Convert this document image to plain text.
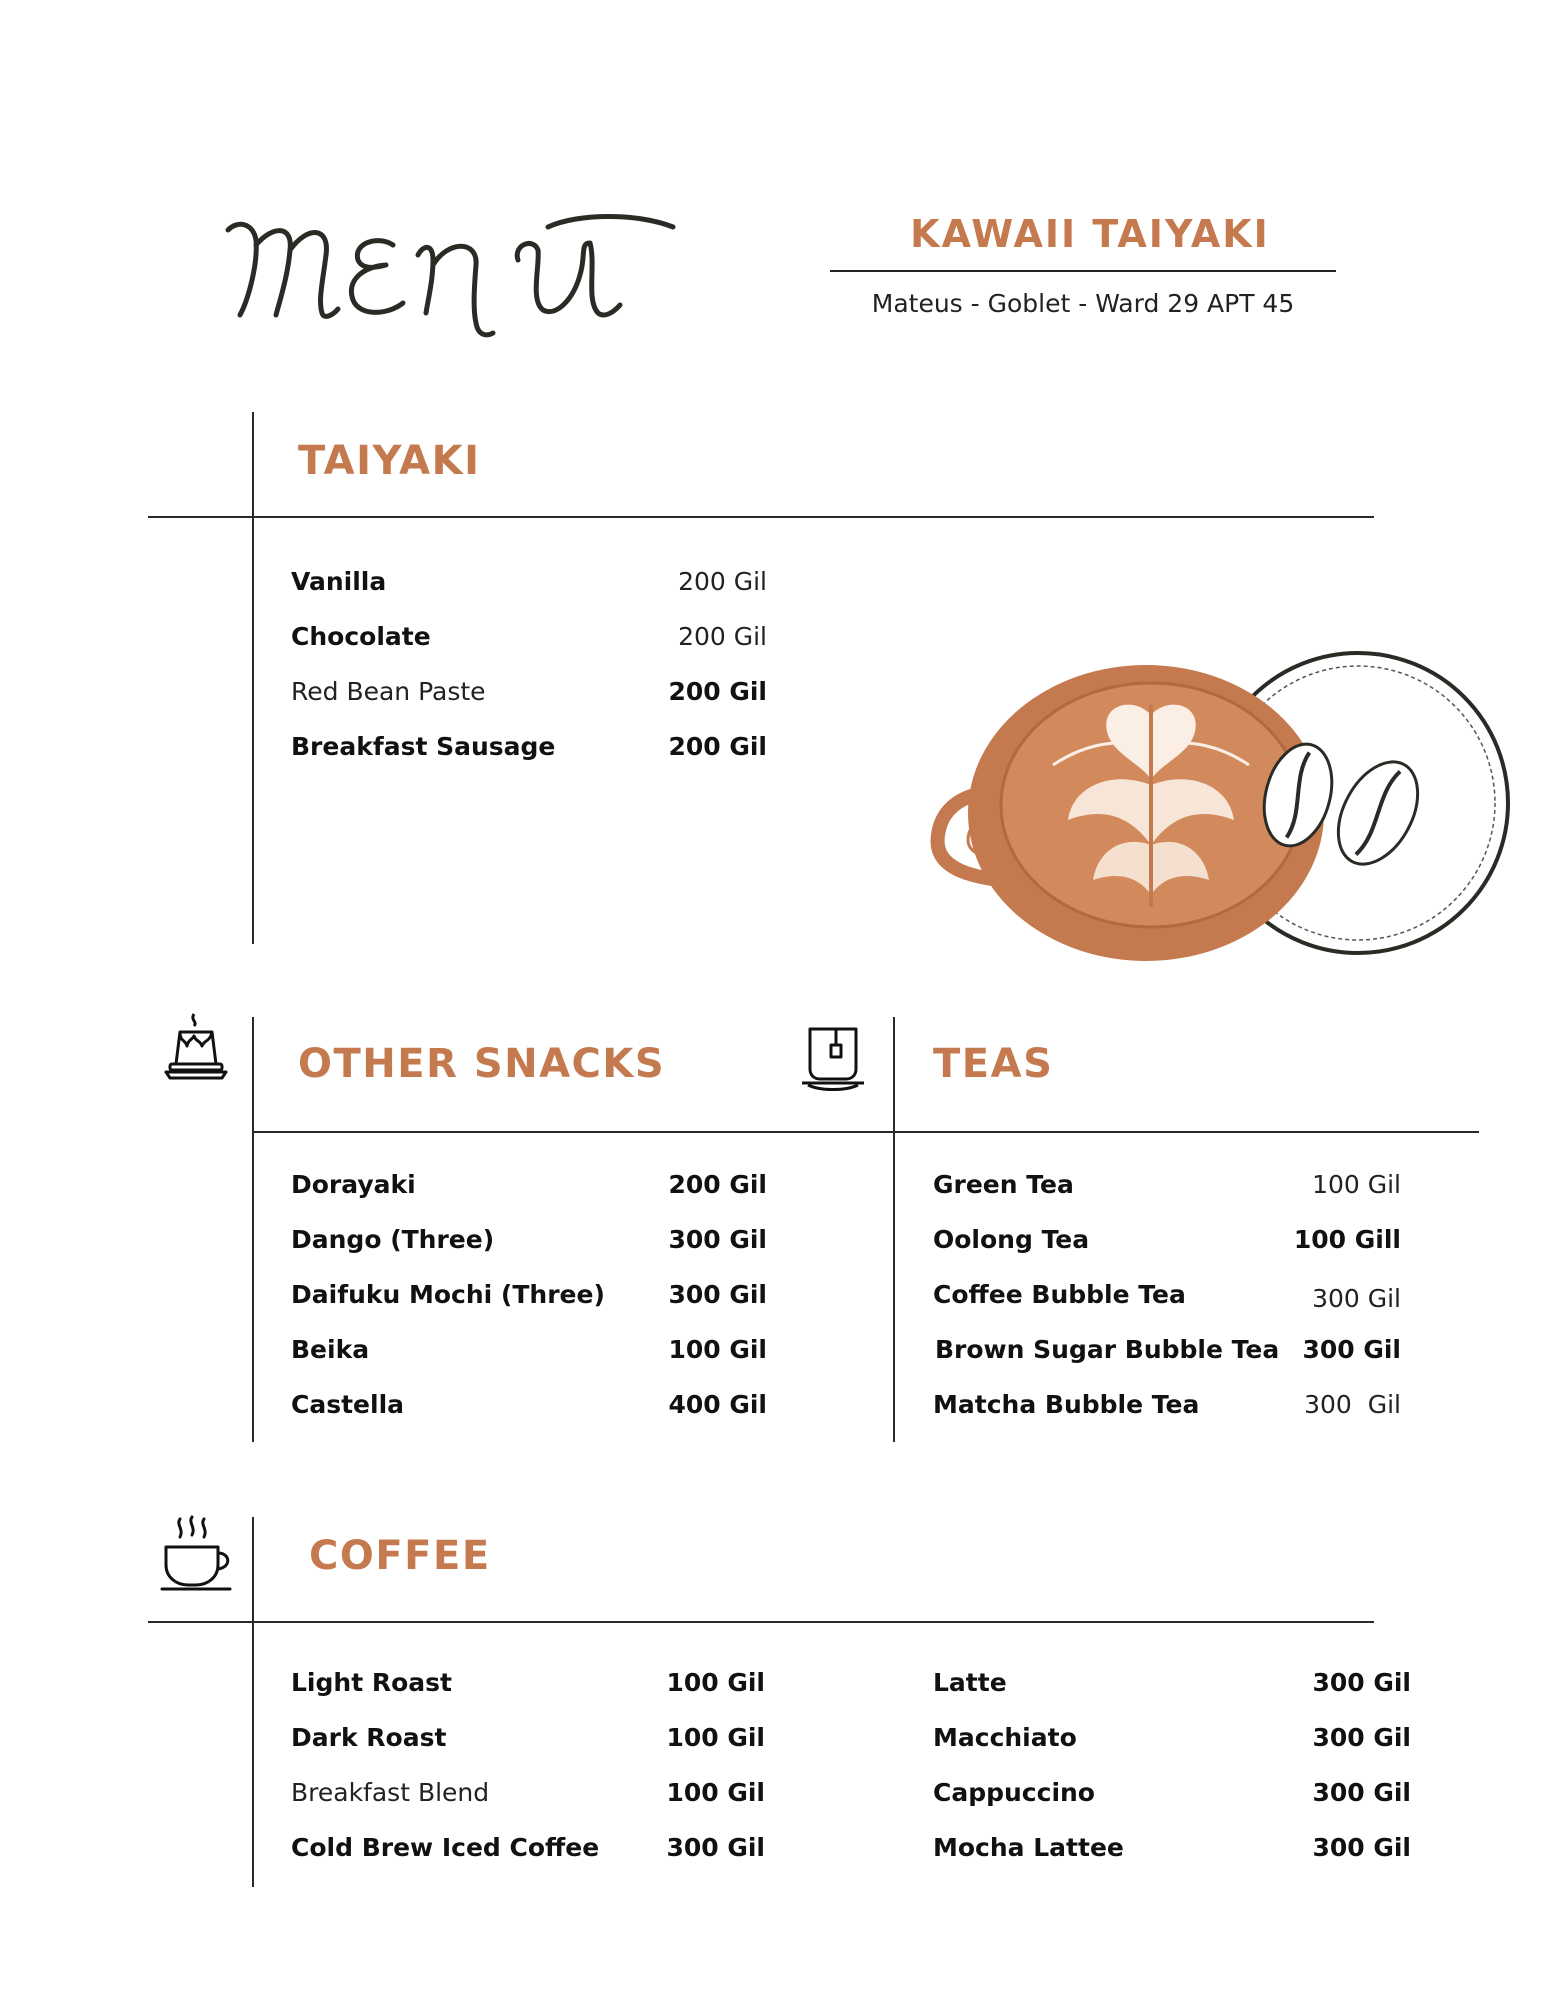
KAWAII TAIYAKI
Mateus - Goblet - Ward 29 APT 45
TAIYAKI
Vanilla	200 Gil
Chocolate	200 Gil
Red Bean Paste	200 Gil
Breakfast Sausage	200 Gil
OTHER SNACKS
Dorayaki	200 Gil
Dango (Three)	300 Gil
Daifuku Mochi (Three)	300 Gil
Beika	100 Gil
Castella	400 Gil
TEAS
Green Tea	100 Gil
Oolong Tea	100 Gill
Coffee Bubble Tea	300 Gil
Brown Sugar Bubble Tea 300 Gil
Matcha Bubble Tea	300  Gil
COFFEE
Light Roast	100 Gil
Dark Roast	100 Gil
Breakfast Blend	100 Gil
Cold Brew Iced Coffee	300 Gil
Latte	300 Gil
Macchiato	300 Gil
Cappuccino	300 Gil
Mocha Lattee	300 Gil
